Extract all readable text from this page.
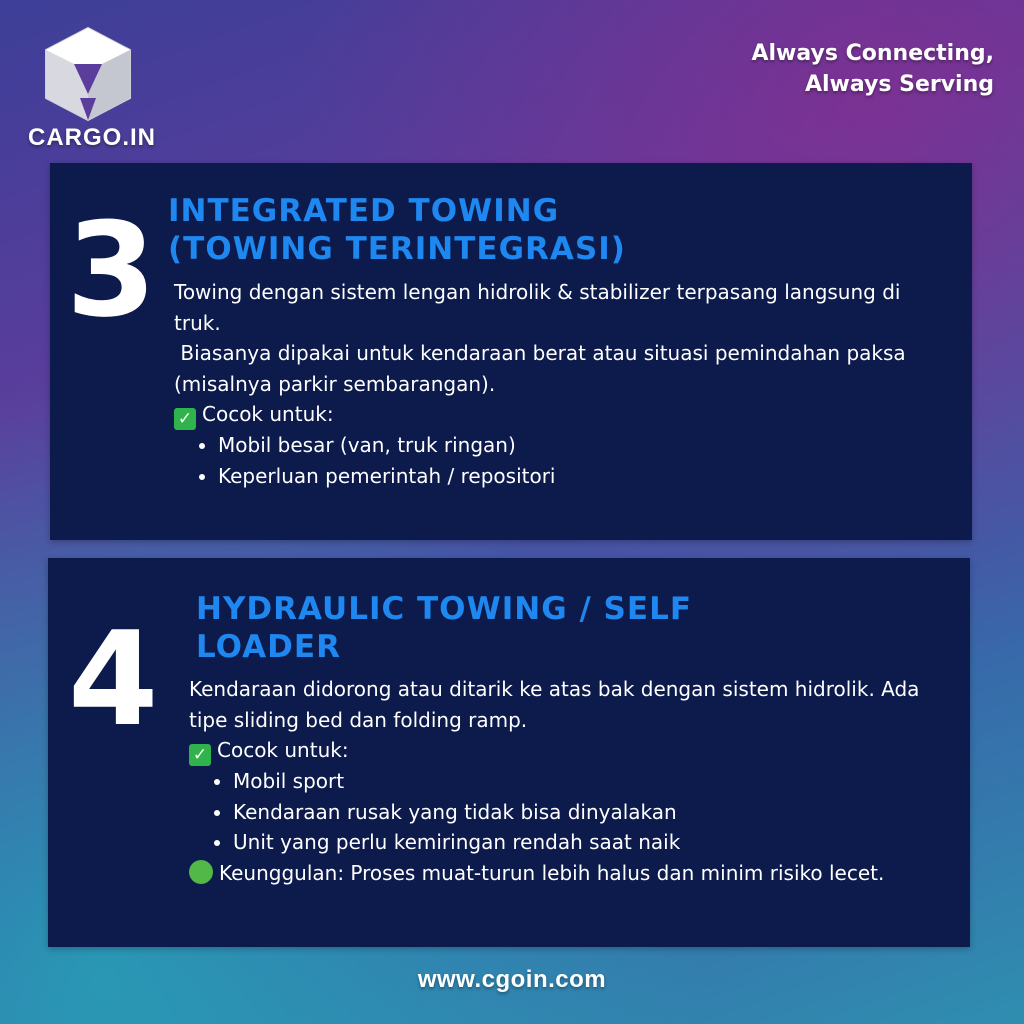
CARGO.IN
Always Connecting,
Always Serving
3 INTEGRATED TOWING
(TOWING TERINTEGRASI)

Towing dengan sistem lengan hidrolik & stabilizer terpasang langsung di truk.

Biasanya dipakai untuk kendaraan berat atau situasi pemindahan paksa (misalnya parkir sembarangan).

✓ Cocok untuk:

• Mobil besar (van, truk ringan)
• Keperluan pemerintah / repositori
4 HYDRAULIC TOWING / SELF
LOADER

Kendaraan didorong atau ditarik ke atas bak dengan sistem hidrolik. Ada tipe sliding bed dan folding ramp.

✓ Cocok untuk:

• Mobil sport
• Kendaraan rusak yang tidak bisa dinyalakan
• Unit yang perlu kemiringan rendah saat naik

Keunggulan: Proses muat-turun lebih halus dan minim risiko lecet.

www.cgoin.com
